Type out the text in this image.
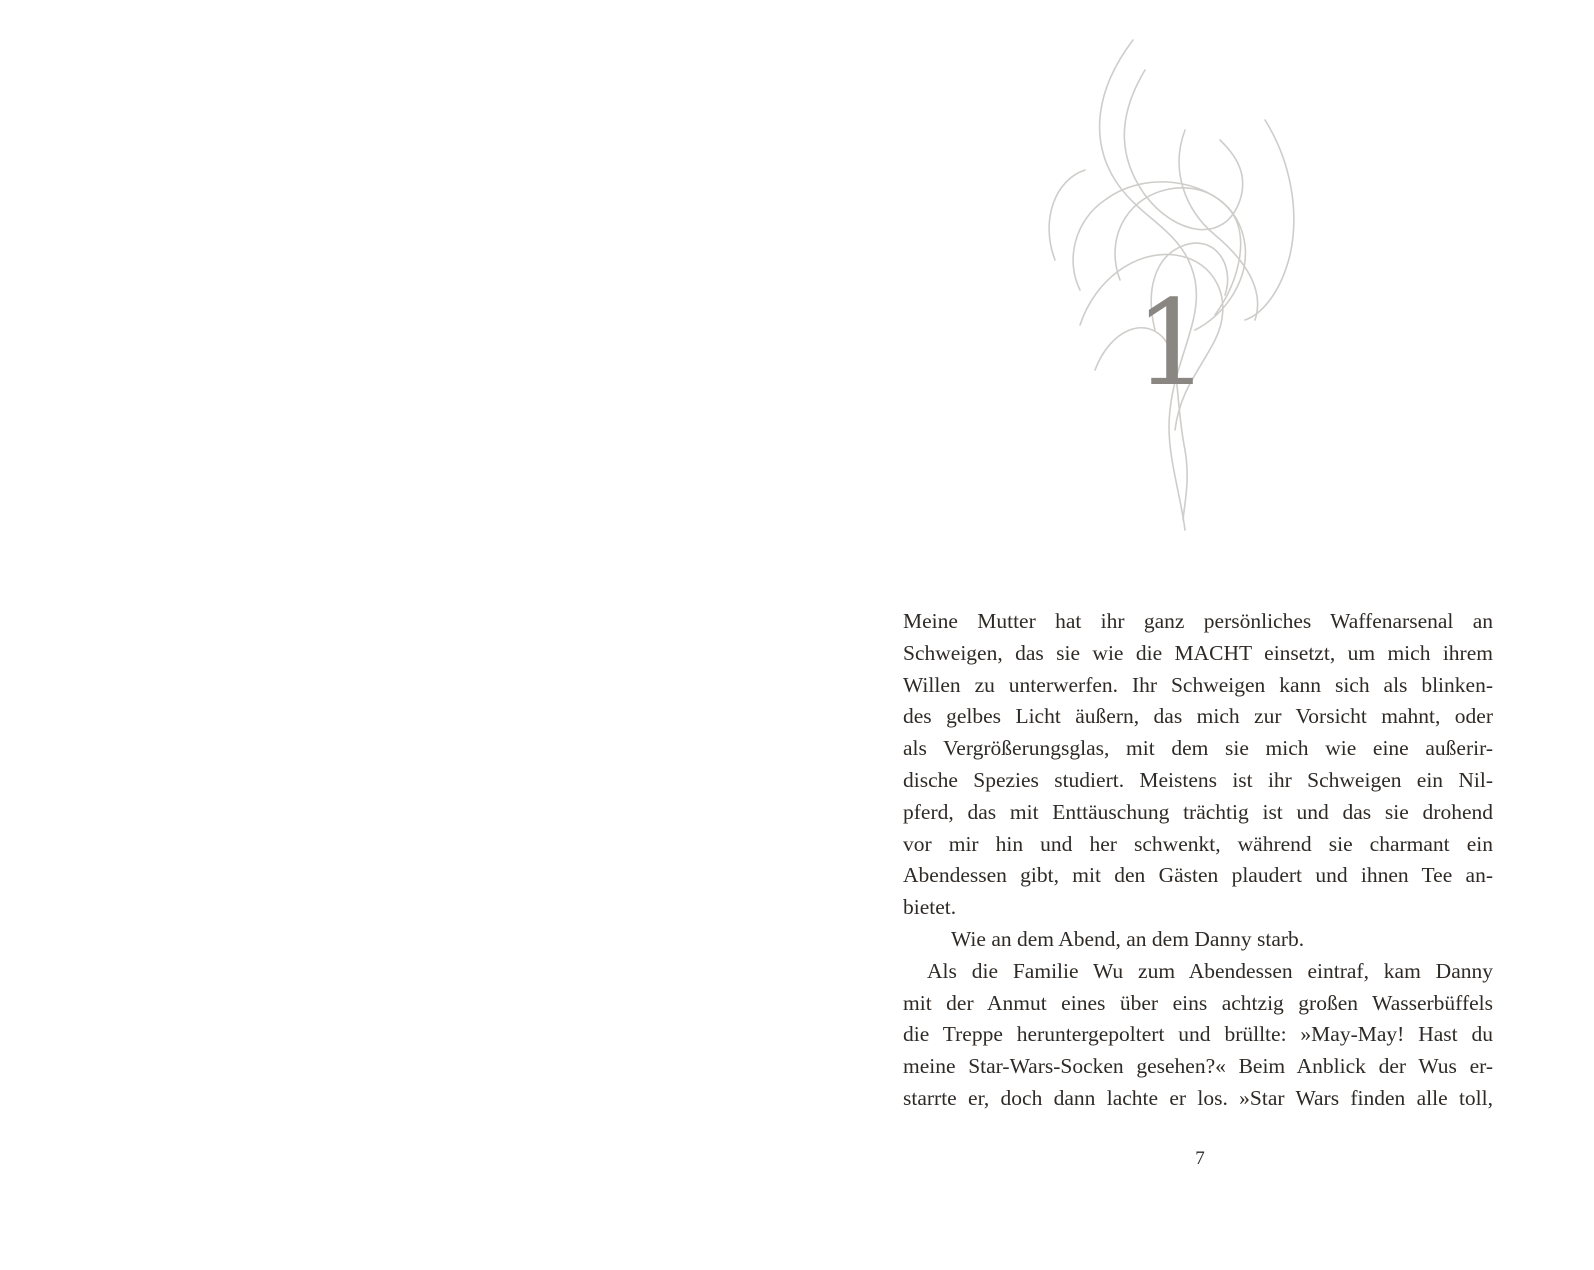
1

Meine Mutter hat ihr ganz persönliches Waffenarsenal an
Schweigen, das sie wie die MACHT einsetzt, um mich ihrem
Willen zu unterwerfen. Ihr Schweigen kann sich als blinken-
des gelbes Licht äußern, das mich zur Vorsicht mahnt, oder
als Vergrößerungsglas, mit dem sie mich wie eine außerir-
dische Spezies studiert. Meistens ist ihr Schweigen ein Nil-
pferd, das mit Enttäuschung trächtig ist und das sie drohend
vor mir hin und her schwenkt, während sie charmant ein
Abendessen gibt, mit den Gästen plaudert und ihnen Tee an-
bietet.

Wie an dem Abend, an dem Danny starb.

Als die Familie Wu zum Abendessen eintraf, kam Danny
mit der Anmut eines über eins achtzig großen Wasserbüffels
die Treppe heruntergepoltert und brüllte: »May-May! Hast du
meine Star-Wars-Socken gesehen?« Beim Anblick der Wus er-
starrte er, doch dann lachte er los. »Star Wars finden alle toll,

7
